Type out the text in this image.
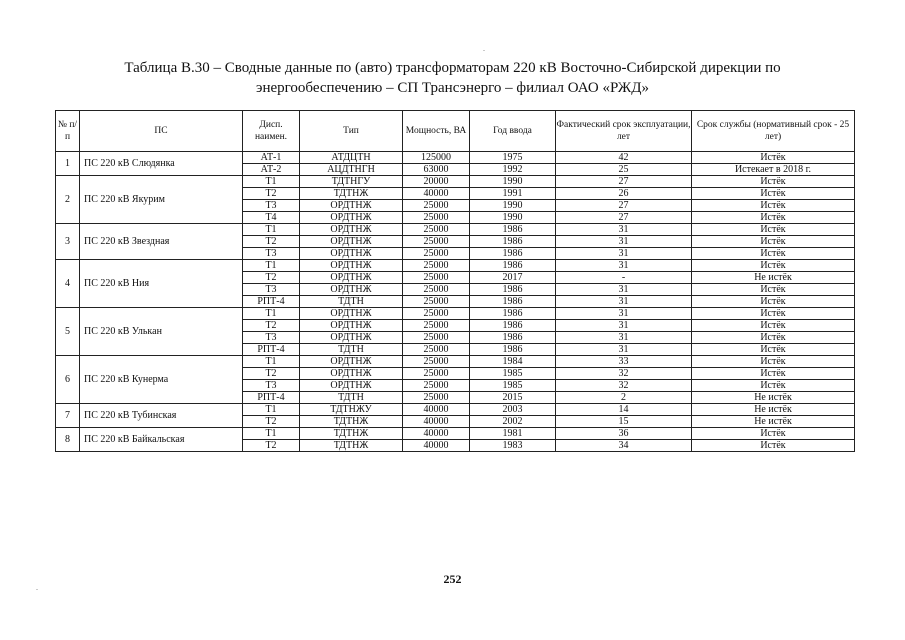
Таблица В.30 – Сводные данные по (авто) трансформаторам 220 кВ Восточно-Сибирской дирекции по энергообеспечению – СП Трансэнерго – филиал ОАО «РЖД»
№ п/п	ПС	Дисп. наимен.	Тип	Мощность, ВА	Год ввода	Фактический срок эксплуатации, лет	Срок службы (нормативный срок - 25 лет)
1	ПС 220 кВ Слюдянка	АТ-1	АТДЦТН	125000	1975	42	Истёк
		АТ-2	АЦДТНГН	63000	1992	25	Истекает в 2018 г.
2	ПС 220 кВ Якурим	Т1	ТДТНГУ	20000	1990	27	Истёк
		Т2	ТДТНЖ	40000	1991	26	Истёк
		Т3	ОРДТНЖ	25000	1990	27	Истёк
		Т4	ОРДТНЖ	25000	1990	27	Истёк
3	ПС 220 кВ Звездная	Т1	ОРДТНЖ	25000	1986	31	Истёк
		Т2	ОРДТНЖ	25000	1986	31	Истёк
		Т3	ОРДТНЖ	25000	1986	31	Истёк
4	ПС 220 кВ Ния	Т1	ОРДТНЖ	25000	1986	31	Истёк
		Т2	ОРДТНЖ	25000	2017	-	Не истёк
		Т3	ОРДТНЖ	25000	1986	31	Истёк
		РПТ-4	ТДТН	25000	1986	31	Истёк
5	ПС 220 кВ Улькан	Т1	ОРДТНЖ	25000	1986	31	Истёк
		Т2	ОРДТНЖ	25000	1986	31	Истёк
		Т3	ОРДТНЖ	25000	1986	31	Истёк
		РПТ-4	ТДТН	25000	1986	31	Истёк
6	ПС 220 кВ Кунерма	Т1	ОРДТНЖ	25000	1984	33	Истёк
		Т2	ОРДТНЖ	25000	1985	32	Истёк
		Т3	ОРДТНЖ	25000	1985	32	Истёк
		РПТ-4	ТДТН	25000	2015	2	Не истёк
7	ПС 220 кВ Тубинская	Т1	ТДТНЖУ	40000	2003	14	Не истёк
		Т2	ТДТНЖ	40000	2002	15	Не истёк
8	ПС 220 кВ Байкальская	Т1	ТДТНЖ	40000	1981	36	Истёк
		Т2	ТДТНЖ	40000	1983	34	Истёк
.
.
252
